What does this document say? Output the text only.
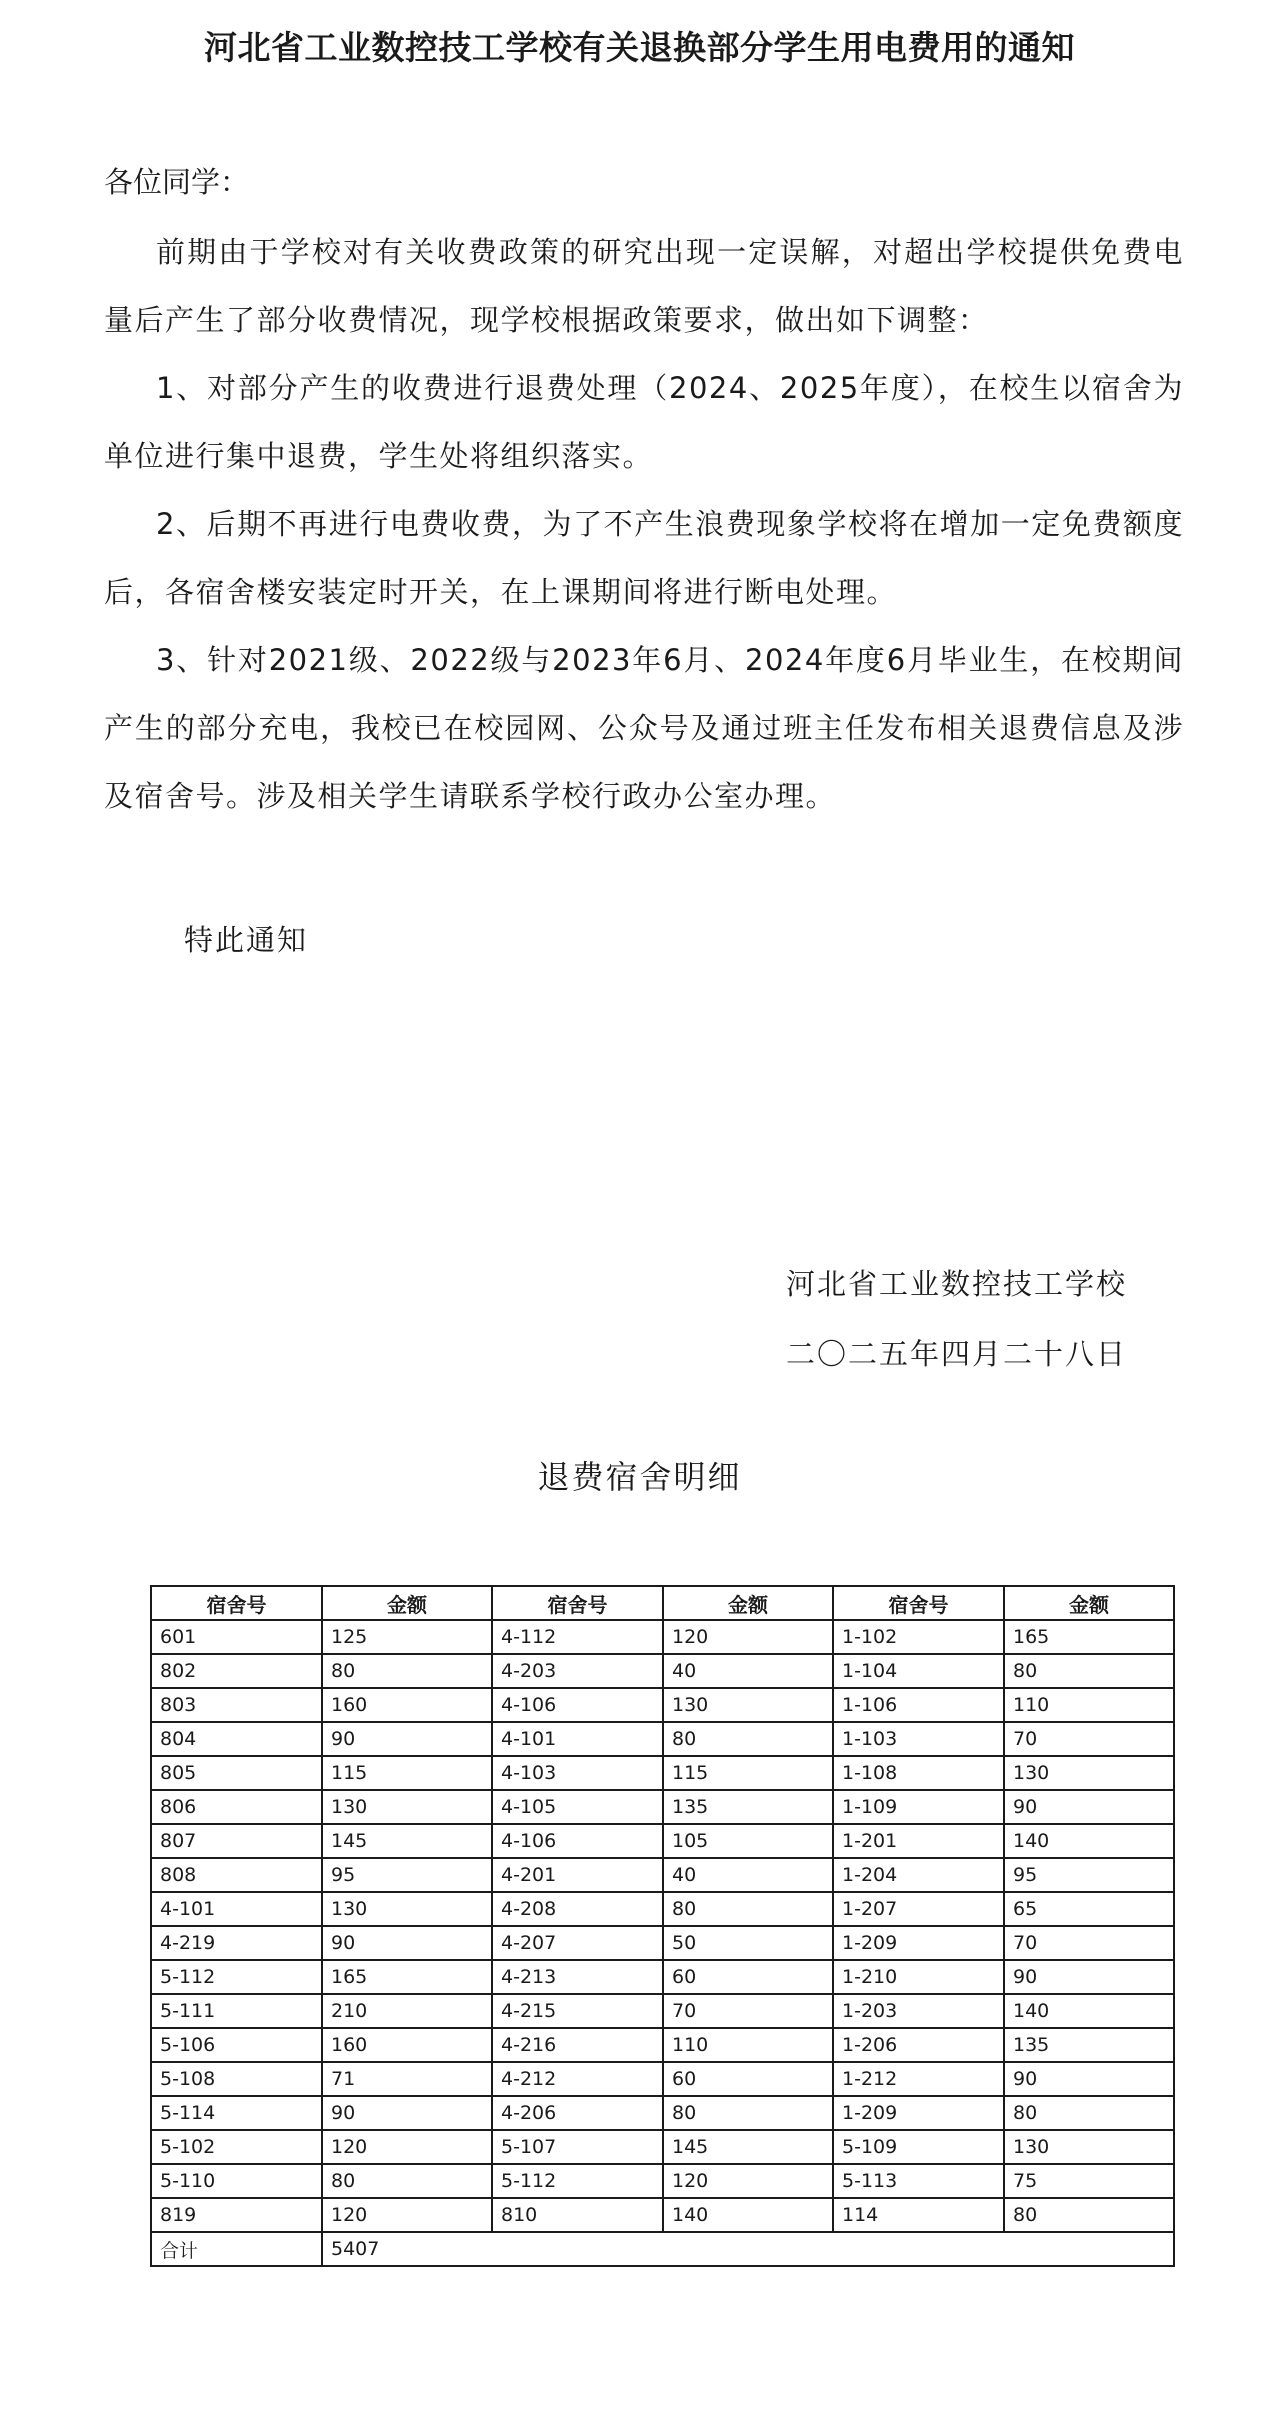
河北省工业数控技工学校有关退换部分学生用电费用的通知
各位同学：

前期由于学校对有关收费政策的研究出现一定误解，对超出学校提供免费电量后产生了部分收费情况，现学校根据政策要求，做出如下调整：

1、对部分产生的收费进行退费处理（2024、2025年度），在校生以宿舍为单位进行集中退费，学生处将组织落实。

2、后期不再进行电费收费，为了不产生浪费现象学校将在增加一定免费额度后，各宿舍楼安装定时开关，在上课期间将进行断电处理。

3、针对2021级、2022级与2023年6月、2024年度6月毕业生，在校期间产生的部分充电，我校已在校园网、公众号及通过班主任发布相关退费信息及涉及宿舍号。涉及相关学生请联系学校行政办公室办理。

特此通知
河北省工业数控技工学校
二〇二五年四月二十八日
退费宿舍明细
宿舍号	金额	宿舍号	金额	宿舍号	金额
601	125	4-112	120	1-102	165
802	80	4-203	40	1-104	80
803	160	4-106	130	1-106	110
804	90	4-101	80	1-103	70
805	115	4-103	115	1-108	130
806	130	4-105	135	1-109	90
807	145	4-106	105	1-201	140
808	95	4-201	40	1-204	95
4-101	130	4-208	80	1-207	65
4-219	90	4-207	50	1-209	70
5-112	165	4-213	60	1-210	90
5-111	210	4-215	70	1-203	140
5-106	160	4-216	110	1-206	135
5-108	71	4-212	60	1-212	90
5-114	90	4-206	80	1-209	80
5-102	120	5-107	145	5-109	130
5-110	80	5-112	120	5-113	75
819	120	810	140	114	80
合计	5407				
